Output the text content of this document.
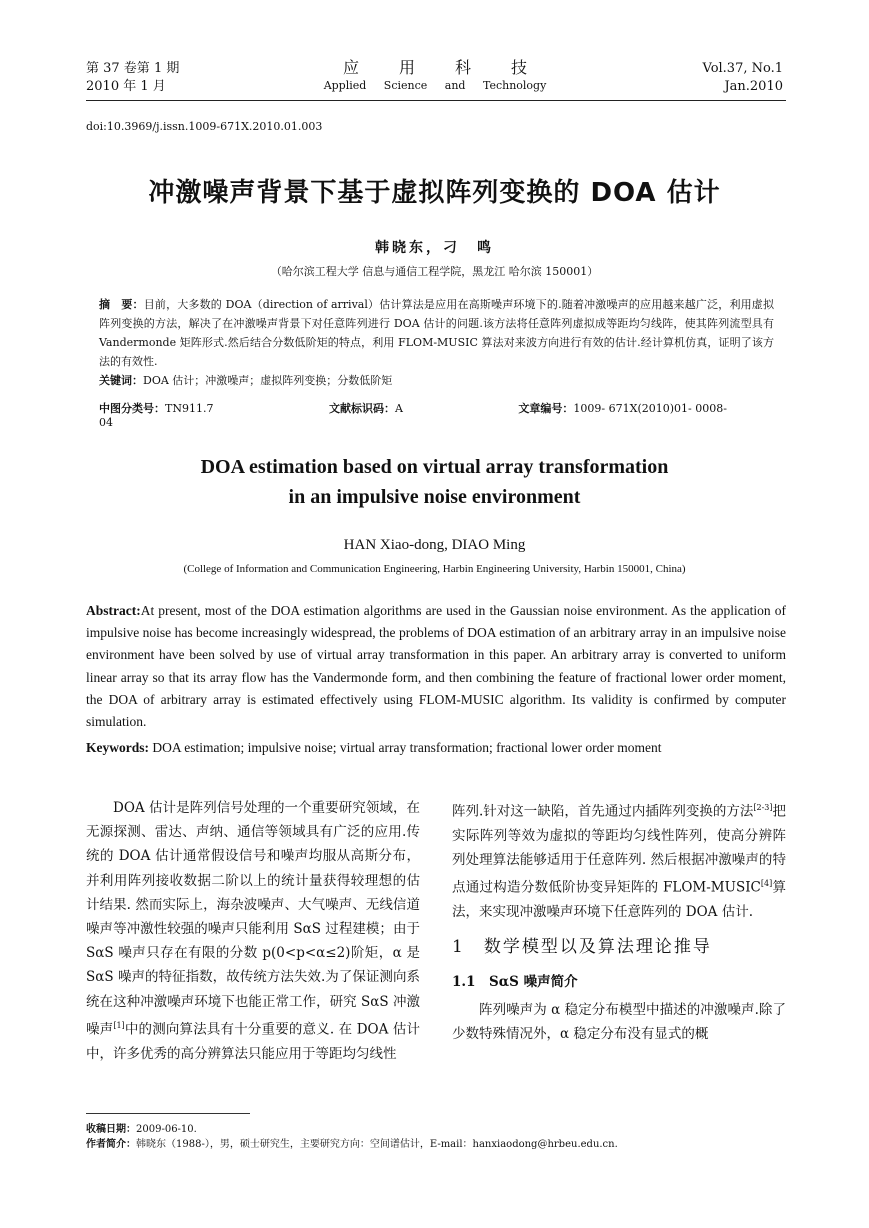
第 37 卷第 1 期
2010 年 1 月
应用科技
Applied Science and Technology
Vol.37, No.1
Jan.2010
doi:10.3969/j.issn.1009-671X.2010.01.003
冲激噪声背景下基于虚拟阵列变换的 DOA 估计
韩晓东，刁　鸣
（哈尔滨工程大学 信息与通信工程学院，黑龙江 哈尔滨 150001）
摘　要：目前，大多数的 DOA（direction of arrival）估计算法是应用在高斯噪声环境下的.随着冲激噪声的应用越来越广泛，利用虚拟阵列变换的方法，解决了在冲激噪声背景下对任意阵列进行 DOA 估计的问题.该方法将任意阵列虚拟成等距均匀线阵，使其阵列流型具有 Vandermonde 矩阵形式.然后结合分数低阶矩的特点，利用 FLOM-MUSIC 算法对来波方向进行有效的估计.经计算机仿真，证明了该方法的有效性.
关键词：DOA 估计；冲激噪声；虚拟阵列变换；分数低阶矩
中图分类号：TN911.7	文献标识码：A	文章编号：1009- 671X(2010)01- 0008- 04
DOA estimation based on virtual array transformation
in an impulsive noise environment
HAN Xiao-dong, DIAO Ming
(College of Information and Communication Engineering, Harbin Engineering University, Harbin 150001, China)
Abstract:At present, most of the DOA estimation algorithms are used in the Gaussian noise environment. As the application of impulsive noise has become increasingly widespread, the problems of DOA estimation of an arbitrary array in an impulsive noise environment have been solved by use of virtual array transformation in this paper. An arbitrary array is converted to uniform linear array so that its array flow has the Vandermonde form, and then combining the feature of fractional lower order moment, the DOA of arbitrary array is estimated effectively using FLOM-MUSIC algorithm. Its validity is confirmed by computer simulation.
Keywords: DOA estimation; impulsive noise; virtual array transformation; fractional lower order moment

DOA 估计是阵列信号处理的一个重要研究领域，在无源探测、雷达、声纳、通信等领域具有广泛的应用.传统的 DOA 估计通常假设信号和噪声均服从高斯分布，并利用阵列接收数据二阶以上的统计量获得较理想的估计结果. 然而实际上，海杂波噪声、大气噪声、无线信道噪声等冲激性较强的噪声只能利用 SαS 过程建模；由于 SαS 噪声只存在有限的分数 p(0<p<α≤2)阶矩，α 是 SαS 噪声的特征指数，故传统方法失效.为了保证测向系统在这种冲激噪声环境下也能正常工作，研究 SαS 冲激噪声[1]中的测向算法具有十分重要的意义. 在 DOA 估计中，许多优秀的高分辨算法只能应用于等距均匀线性

阵列.针对这一缺陷，首先通过内插阵列变换的方法[2-3]把实际阵列等效为虚拟的等距均匀线性阵列，使高分辨阵列处理算法能够适用于任意阵列. 然后根据冲激噪声的特点通过构造分数低阶协变异矩阵的 FLOM-MUSIC[4]算法，来实现冲激噪声环境下任意阵列的 DOA 估计.

1　数学模型以及算法理论推导

1.1　SαS 噪声简介

阵列噪声为 α 稳定分布模型中描述的冲激噪声.除了少数特殊情况外，α 稳定分布没有显式的概

收稿日期：2009-06-10.
作者简介：韩晓东（1988-），男，硕士研究生，主要研究方向：空间谱估计，E-mail：hanxiaodong@hrbeu.edu.cn.
